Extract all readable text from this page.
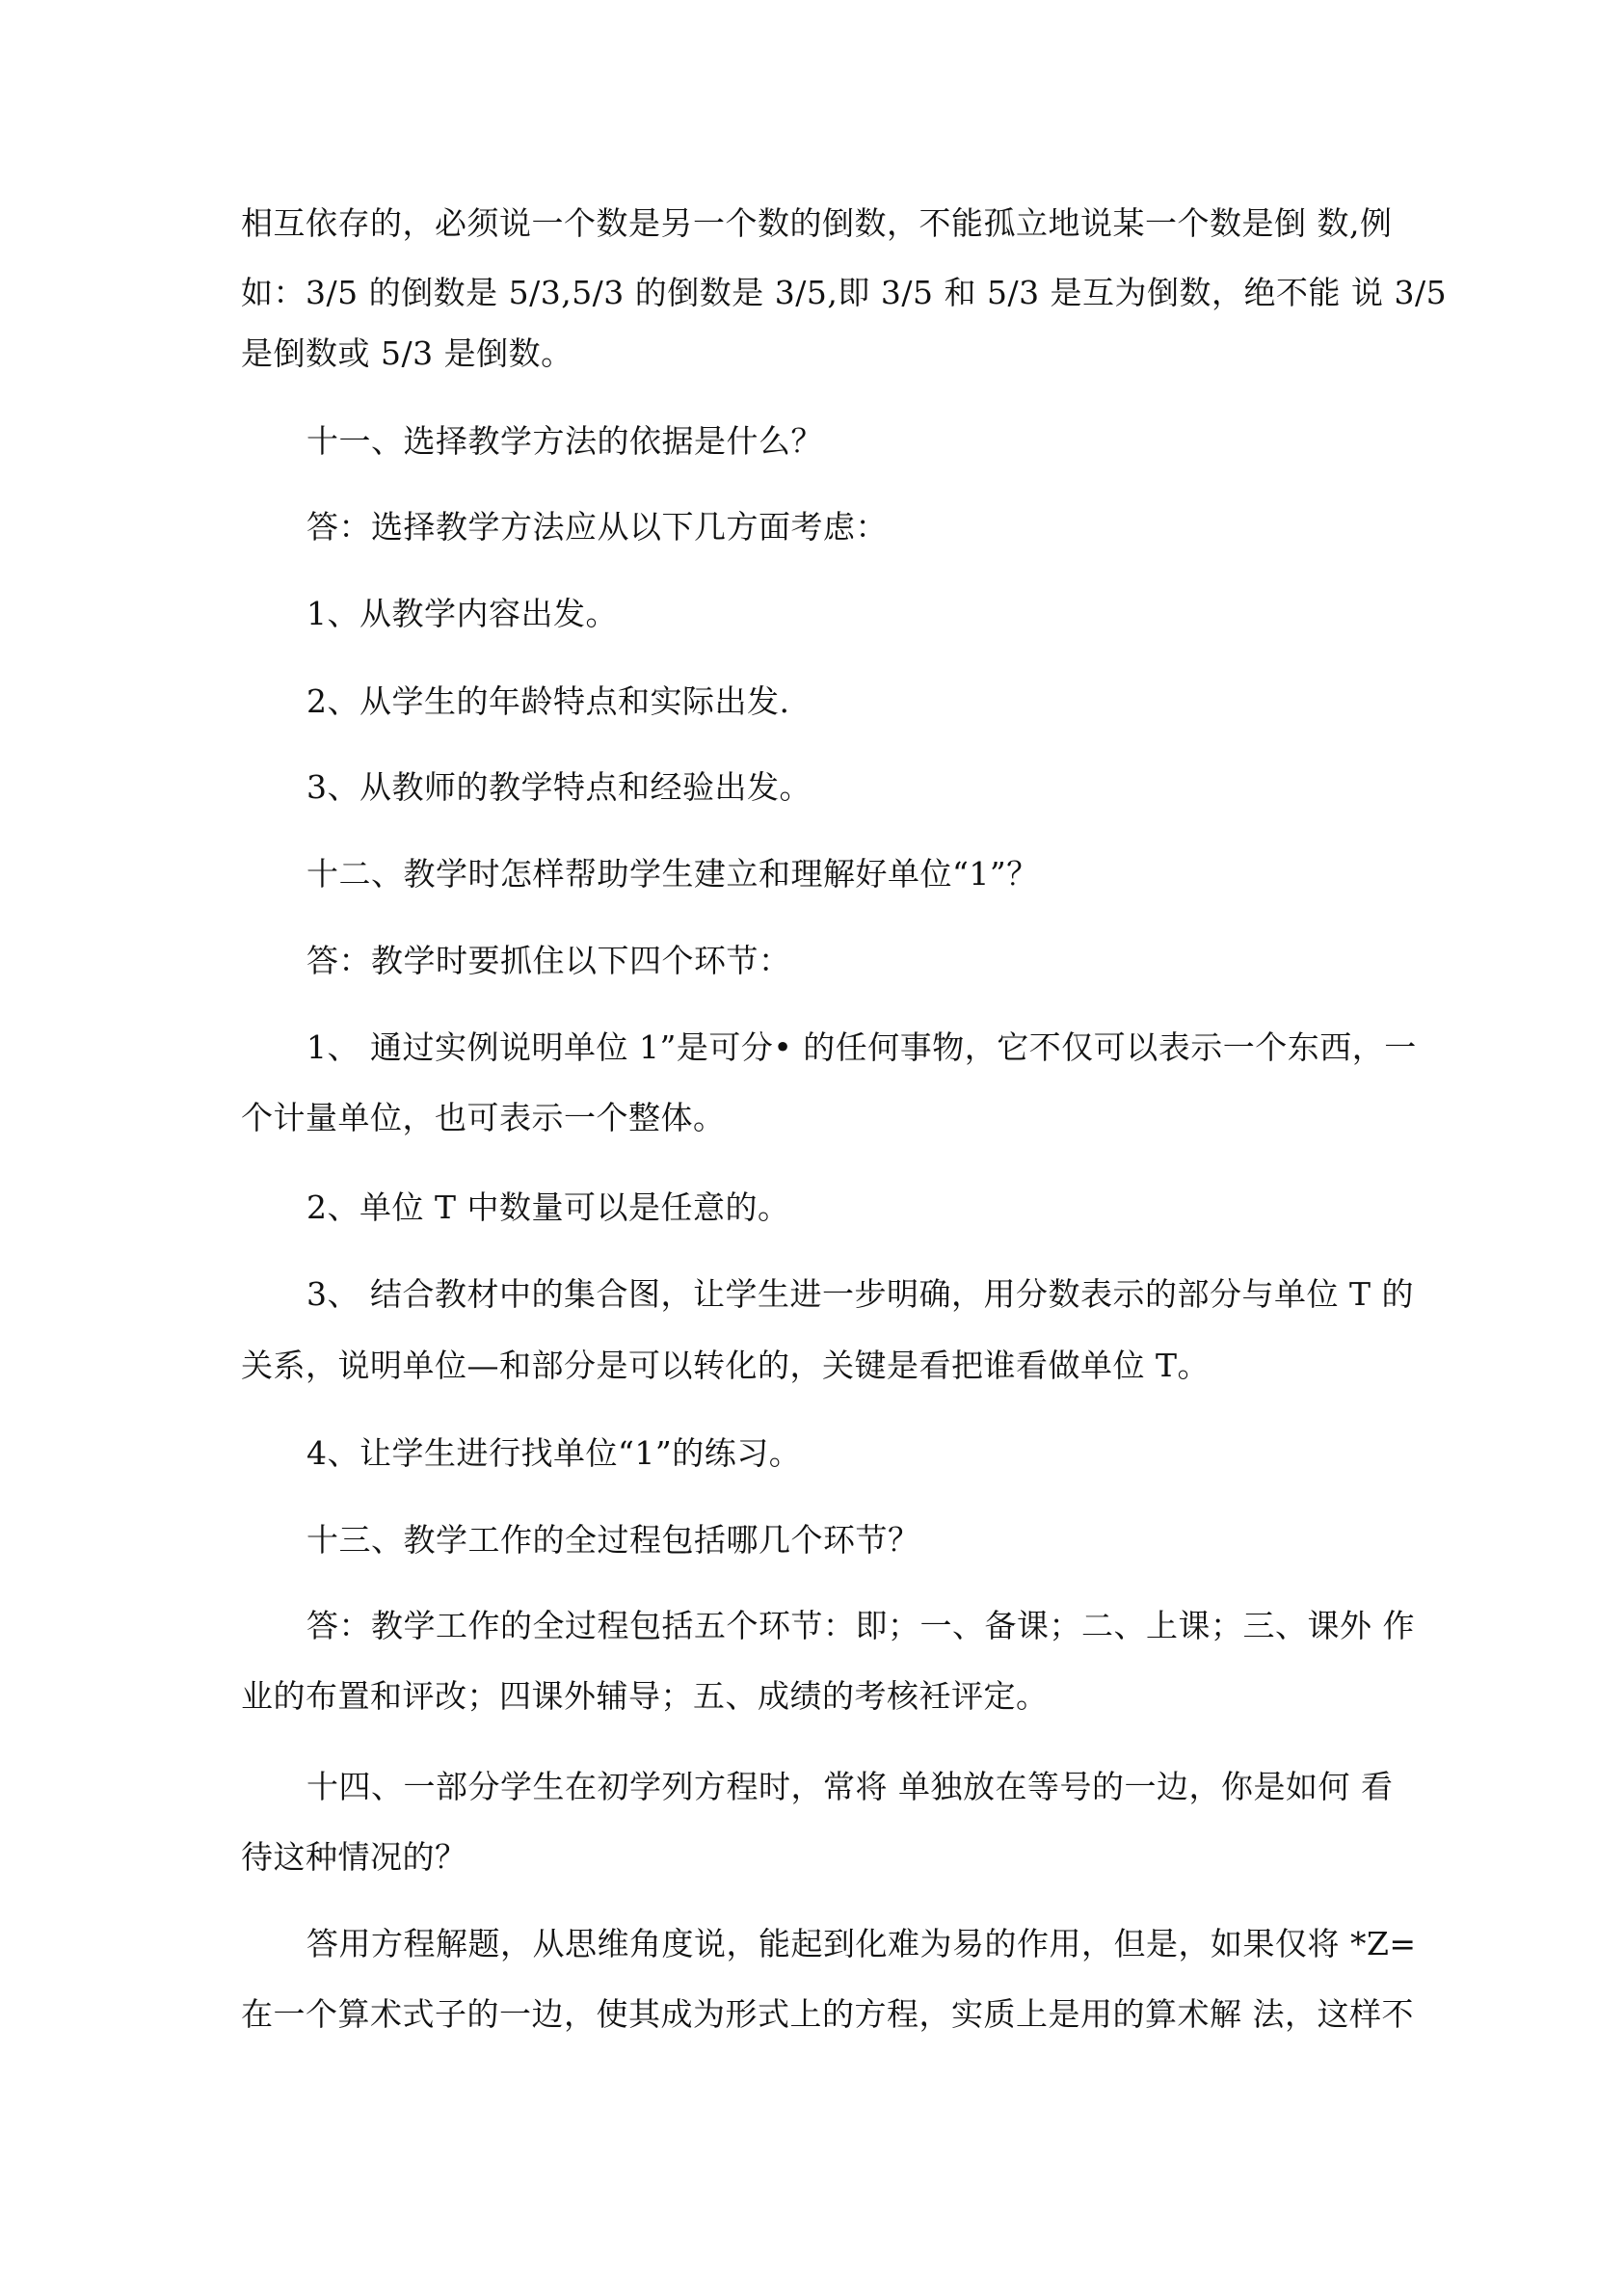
相互依存的，必须说一个数是另一个数的倒数，不能孤立地说某一个数是倒 数,例
如：3/5 的倒数是 5/3,5/3 的倒数是 3/5,即 3/5 和 5/3 是互为倒数，绝不能 说 3/5
是倒数或 5/3 是倒数。
十一、选择教学方法的依据是什么？
答：选择教学方法应从以下几方面考虑：
1、从教学内容出发。
2、从学生的年龄特点和实际出发.
3、从教师的教学特点和经验出发。
十二、教学时怎样帮助学生建立和理解好单位“1”？
答：教学时要抓住以下四个环节：
1、 通过实例说明单位 1”是可分• 的任何事物，它不仅可以表示一个东西，一
个计量单位，也可表示一个整体。
2、单位 T 中数量可以是任意的。
3、 结合教材中的集合图，让学生进一步明确，用分数表示的部分与单位 T 的
关系，说明单位—和部分是可以转化的，关键是看把谁看做单位 T。
4、让学生进行找单位“1”的练习。
十三、教学工作的全过程包括哪几个环节？
答：教学工作的全过程包括五个环节：即；一、备课；二、上课；三、课外 作
业的布置和评改；四课外辅导；五、成绩的考核衽评定。
十四、一部分学生在初学列方程时，常将 单独放在等号的一边，你是如何 看
待这种情况的？
答用方程解题，从思维角度说，能起到化难为易的作用，但是，如果仅将 *Z=
在一个算术式子的一边，使其成为形式上的方程，实质上是用的算术解 法，这样不
